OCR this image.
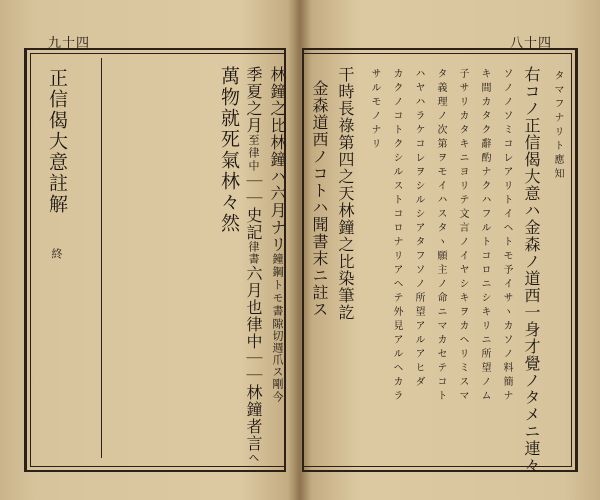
九十四
正信偈大意註解
終
萬物就死氣林々然 季夏之月至律中｜｜史記律書六月也律中｜｜林鐘者言ヘ
林鐘之比林鐘ハ六月ナリ鐘鋼トモ書隙切週爪ス剛今
八十四
タマフナリト應知
右コノ正信偈大意ハ金森ノ道西一身才覺ノタメニ連々
ソノノソミコレアリトイヘトモ予イサヽカソノ料簡ナ
キ間カタク辭酌ナクハフルトコロニシキリニ所望ノム
子サリカタキニヨリテ文言ノイヤシキヲカヘリミスマ
タ義理ノ次第ヲモイハスタヽ願主ノ命ニマカセテコト
ハヤハラケコレヲシルシアタフソノ所望アルアヒダ
カクノコトクシルストコロナリアヘテ外見アルヘカラ
サルモノナリ
干時長祿第四之天林鐘之比染筆訖
金森道西ノコトハ聞書末ニ註ス
